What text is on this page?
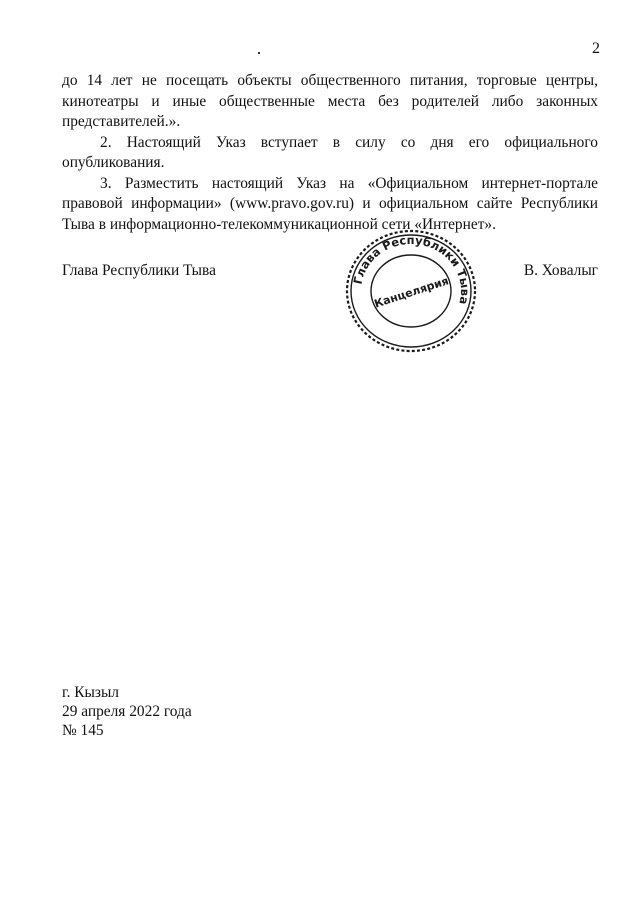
2

до 14 лет не посещать объекты общественного питания, торговые центры, кинотеатры и иные общественные места без родителей либо законных представителей.».

2. Настоящий Указ вступает в силу со дня его официального опубликования.

3. Разместить настоящий Указ на «Официальном интернет-портале правовой информации» (www.pravo.gov.ru) и официальном сайте Республики Тыва в информационно-телекоммуникационной сети «Интернет».

Глава Республики Тыва	В. Ховалыг
Глава Республики Тыва
Канцелярия
г. Кызыл
29 апреля 2022 года
№ 145
